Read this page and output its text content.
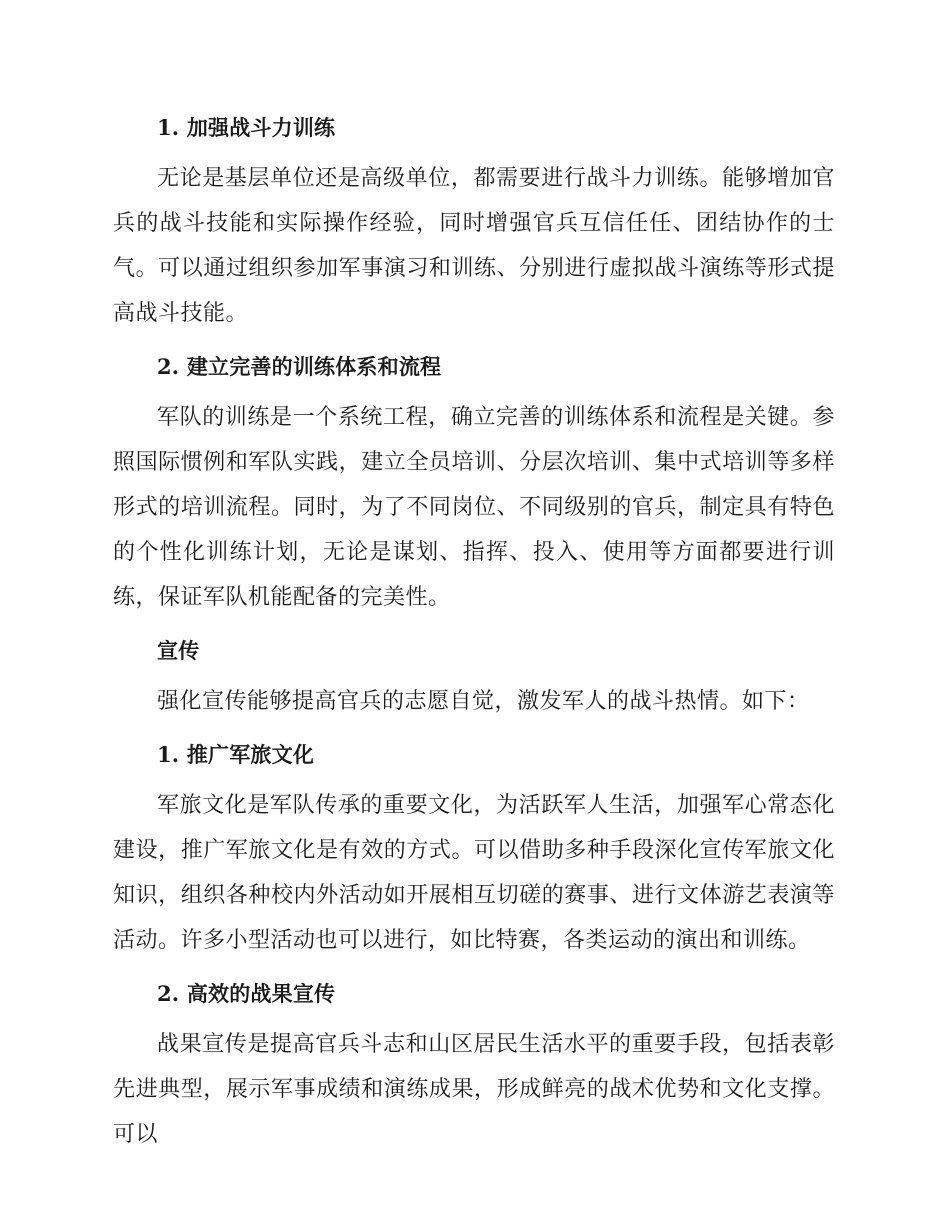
1. 加强战斗力训练
无论是基层单位还是高级单位，都需要进行战斗力训练。能够增加官兵的战斗技能和实际操作经验，同时增强官兵互信任任、团结协作的士气。可以通过组织参加军事演习和训练、分别进行虚拟战斗演练等形式提高战斗技能。
2. 建立完善的训练体系和流程
军队的训练是一个系统工程，确立完善的训练体系和流程是关键。参照国际惯例和军队实践，建立全员培训、分层次培训、集中式培训等多样形式的培训流程。同时，为了不同岗位、不同级别的官兵，制定具有特色的个性化训练计划，无论是谋划、指挥、投入、使用等方面都要进行训练，保证军队机能配备的完美性。
宣传
强化宣传能够提高官兵的志愿自觉，激发军人的战斗热情。如下：
1. 推广军旅文化
军旅文化是军队传承的重要文化，为活跃军人生活，加强军心常态化建设，推广军旅文化是有效的方式。可以借助多种手段深化宣传军旅文化知识，组织各种校内外活动如开展相互切磋的赛事、进行文体游艺表演等活动。许多小型活动也可以进行，如比特赛，各类运动的演出和训练。
2. 高效的战果宣传
战果宣传是提高官兵斗志和山区居民生活水平的重要手段，包括表彰先进典型，展示军事成绩和演练成果，形成鲜亮的战术优势和文化支撑。可以
